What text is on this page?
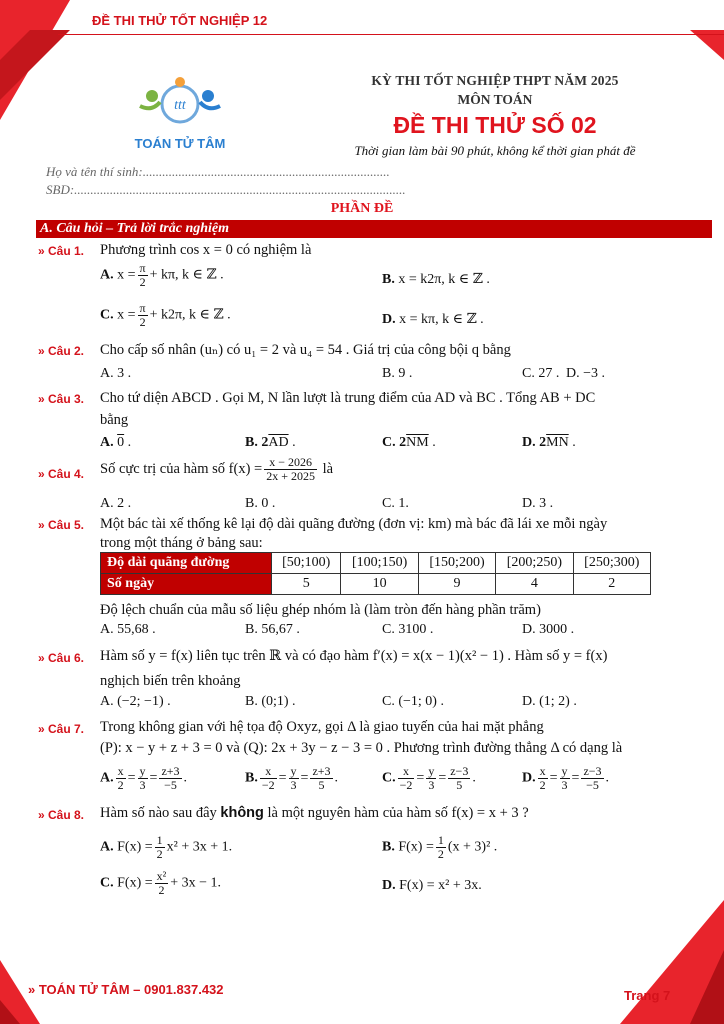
ĐỀ THI THỬ TỐT NGHIỆP 12
ttt
TOÁN TỬ TÂM
KỲ THI TỐT NGHIỆP THPT NĂM 2025
MÔN TOÁN
ĐỀ THI THỬ SỐ 02
Thời gian làm bài 90 phút, không kể thời gian phát đề
Họ và tên thí sinh:............................................................................
SBD:......................................................................................................
PHẦN ĐỀ
A. Câu hỏi – Trả lời trắc nghiệm
» Câu 1. Phương trình cos x = 0 có nghiệm là
A. $x = \frac{\pi}{2} + k\pi$, k ∈ ℤ .	B. x = k2π, k ∈ ℤ .
C. $x = \frac{\pi}{2} + k2\pi$, k ∈ ℤ .	D. x = kπ, k ∈ ℤ .
» Câu 2. Cho cấp số nhân (uₙ) có u₁ = 2 và u₄ = 54 . Giá trị của công bội q bằng
A. 3 .	B. 9 .	C. 27 . D. −3 .
» Câu 3. Cho tứ diện ABCD . Gọi M, N lần lượt là trung điểm của AD và BC . Tổng AB + DC
bằng
A. 0 .	B. $2\overline{AD}$ .	C. $2\overline{NM}$ .	D. $2\overline{MN}$ .
» Câu 4. Số cực trị của hàm số $f(x) = \frac{x - 2026}{2x + 2025}$ là
A. 2 .	B. 0 .	C. 1.	D. 3 .
» Câu 5. Một bác tài xế thống kê lại độ dài quãng đường (đơn vị: km) mà bác đã lái xe mỗi ngày
trong một tháng ở bảng sau:
Độ dài quãng đường	[50;100)	[100;150)	[150;200)	[200;250)	[250;300)
Số ngày	5	10	9	4	2
Độ lệch chuẩn của mẫu số liệu ghép nhóm là (làm tròn đến hàng phần trăm)
A. 55,68 .	B. 56,67 .	C. 3100 .	D. 3000 .
» Câu 6. Hàm số y = f(x) liên tục trên ℝ và có đạo hàm f′(x) = x(x − 1)(x² − 1) . Hàm số y = f(x)
nghịch biến trên khoảng
A. (−2; −1) .	B. (0;1) .	C. (−1; 0) .	D. (1; 2) .
» Câu 7. Trong không gian với hệ tọa độ Oxyz, gọi Δ là giao tuyến của hai mặt phẳng
(P): x − y + z + 3 = 0 và (Q): 2x + 3y − z − 3 = 0 . Phương trình đường thẳng Δ có dạng là
A. $\frac{x}{2} = \frac{y}{3} = \frac{z+3}{-5}$ .	B. $\frac{x}{-2} = \frac{y}{3} = \frac{z+3}{5}$ .	C. $\frac{x}{-2} = \frac{y}{3} = \frac{z-3}{5}$ .	D. $\frac{x}{2} = \frac{y}{3} = \frac{z-3}{-5}$ .
» Câu 8. Hàm số nào sau đây không là một nguyên hàm của hàm số f(x) = x + 3 ?
A. $F(x) = \frac{1}{2} x^2 + 3x + 1$.	B. $F(x) = \frac{1}{2} (x + 3)^2$ .
C. $F(x) = \frac{\text{x²}}{2} + 3x - 1$.	D. F(x) = x² + 3x.
» TOÁN TỬ TÂM – 0901.837.432	Trang 7
